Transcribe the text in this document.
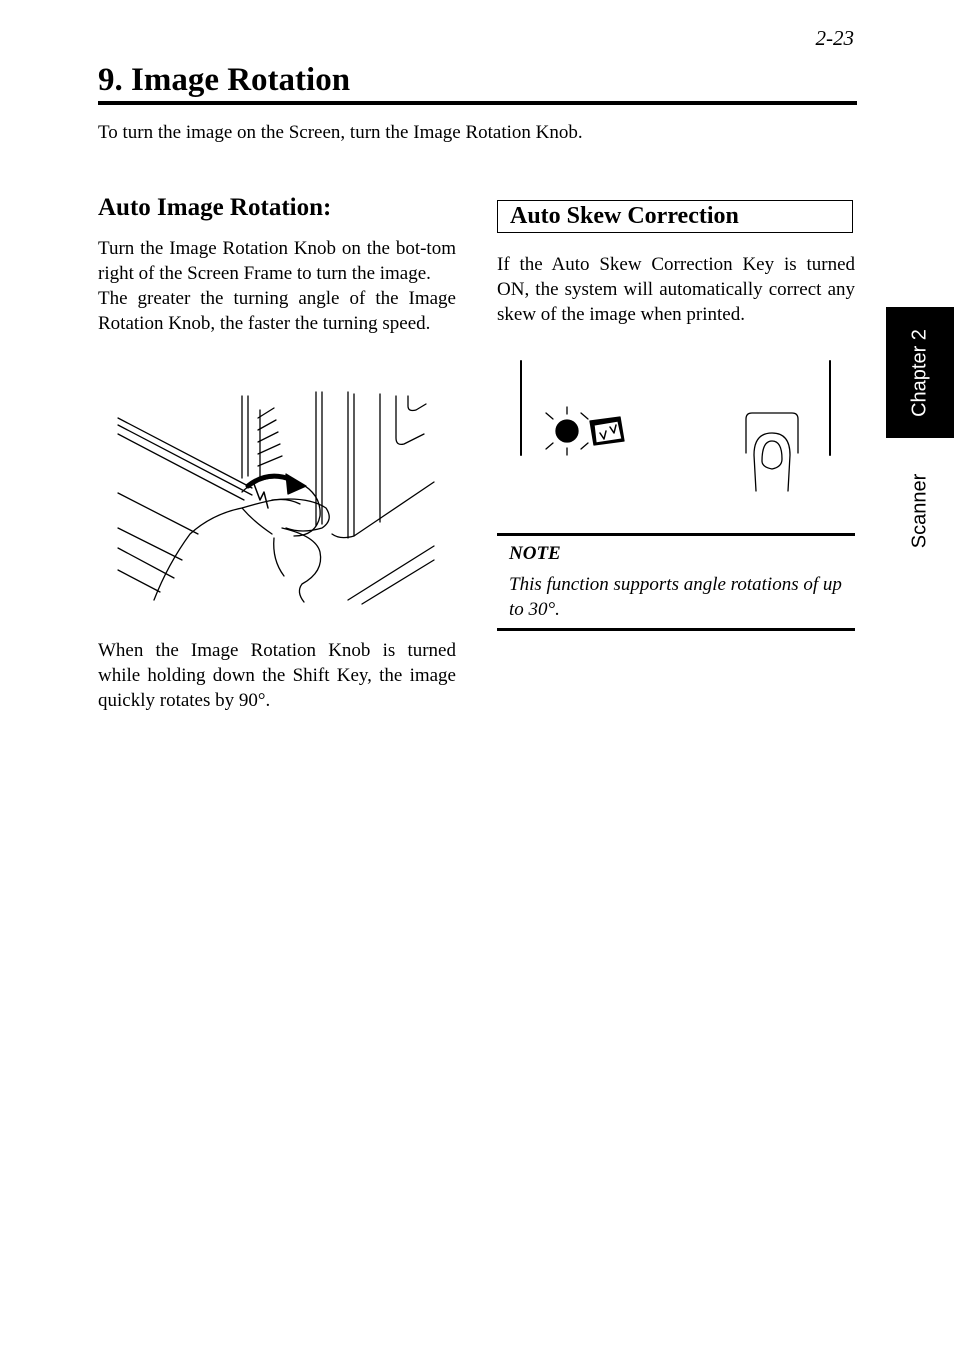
2-23
9. Image Rotation

To turn the image on the Screen, turn the Image Rotation Knob.

Auto Image Rotation:

Turn the Image Rotation Knob on the bot-tom right of the Screen Frame to turn the image.

The greater the turning angle of the Image Rotation Knob, the faster the turning speed.

When the Image Rotation Knob is turned while holding down the Shift Key, the image quickly rotates by 90°.

Auto Skew Correction

If the Auto Skew Correction Key is turned ON, the system will automatically correct any skew of the image when printed.

NOTE
This function supports angle rotations of up to 30°.
Chapter 2
Scanner
